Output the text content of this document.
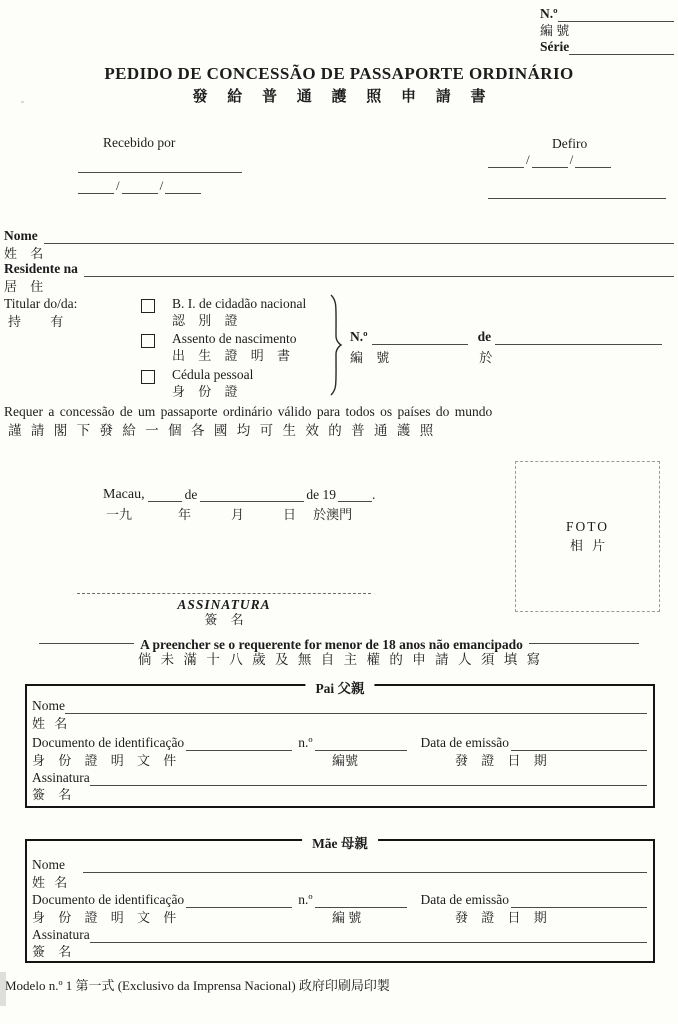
N.º
編 號
Série
PEDIDO DE CONCESSÃO DE PASSAPORTE ORDINÁRIO
發 給 普 通 護 照 申 請 書
Recebido por
/	/
Defiro
/	/
Nome
姓 名
Residente na
居 住
Titular do/da:
持 有
B. I. de cidadão nacional
認 別 證
Assento de nascimento
出 生 證 明 書
Cédula pessoal
身 份 證
N.º	de
編 號	於
Requer a concessão de um passaporte ordinário válido para todos os países do mundo
謹 請 閣 下 發 給 一 個 各 國 均 可 生 效 的 普 通 護 照
Macau,	de	de 19	.
一九	年	月	日 於澳門
FOTO
相 片
ASSINATURA
簽 名
A preencher se o requerente for menor de 18 anos não emancipado
倘 未 滿 十 八 歲 及 無 自 主 權 的 申 請 人 須 填 寫
Pai 父親
Nome
姓 名
Documento de identificação	n.º	Data de emissão
身 份 證 明 文 件	編號	發 證 日 期
Assinatura
簽 名
Mãe 母親
Nome
姓 名
Documento de identificação	n.º	Data de emissão
身 份 證 明 文 件	編 號	發 證 日 期
Assinatura
簽 名
Modelo n.º 1 第一式 (Exclusivo da Imprensa Nacional) 政府印刷局印製
